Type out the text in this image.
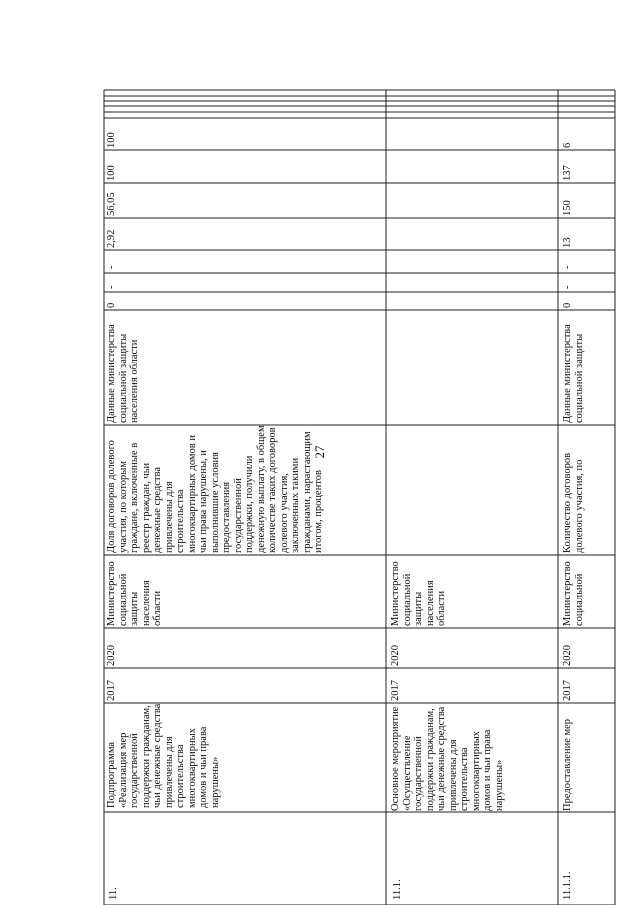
27
11.
Подпрограмма «Реализация мер государственной поддержки гражданам, чьи денежные средства привлечены для строительства многоквартирных домов и чьи права нарушены»
2017
2020
Министерство социальной защиты населения области
Доля договоров долевого участия, по которым граждане, включенные в реестр граждан, чьи денежные средства привлечены для строительства многоквартирных домов и чьи права нарушены, и выполнившие условия предоставления государственной поддержки, получили денежную выплату, в общем количестве таких договоров долевого участия, заключенных такими гражданами, нарастающим итогом, процентов
Данные министерства социальной защиты населения области
0
-
-
2,92
56,05
100
100
11.1.
Основное мероприятие «Осуществление государственной поддержки гражданам, чьи денежные средства привлечены для строительства многоквартирных домов и чьи права нарушены»
2017
2020
Министерство социальной защиты населения области
11.1.1.
Предоставление мер
2017
2020
Министерство социальной
Количество договоров долевого участия, по
Данные министерства социальной защиты
0
-
-
13
150
137
6
